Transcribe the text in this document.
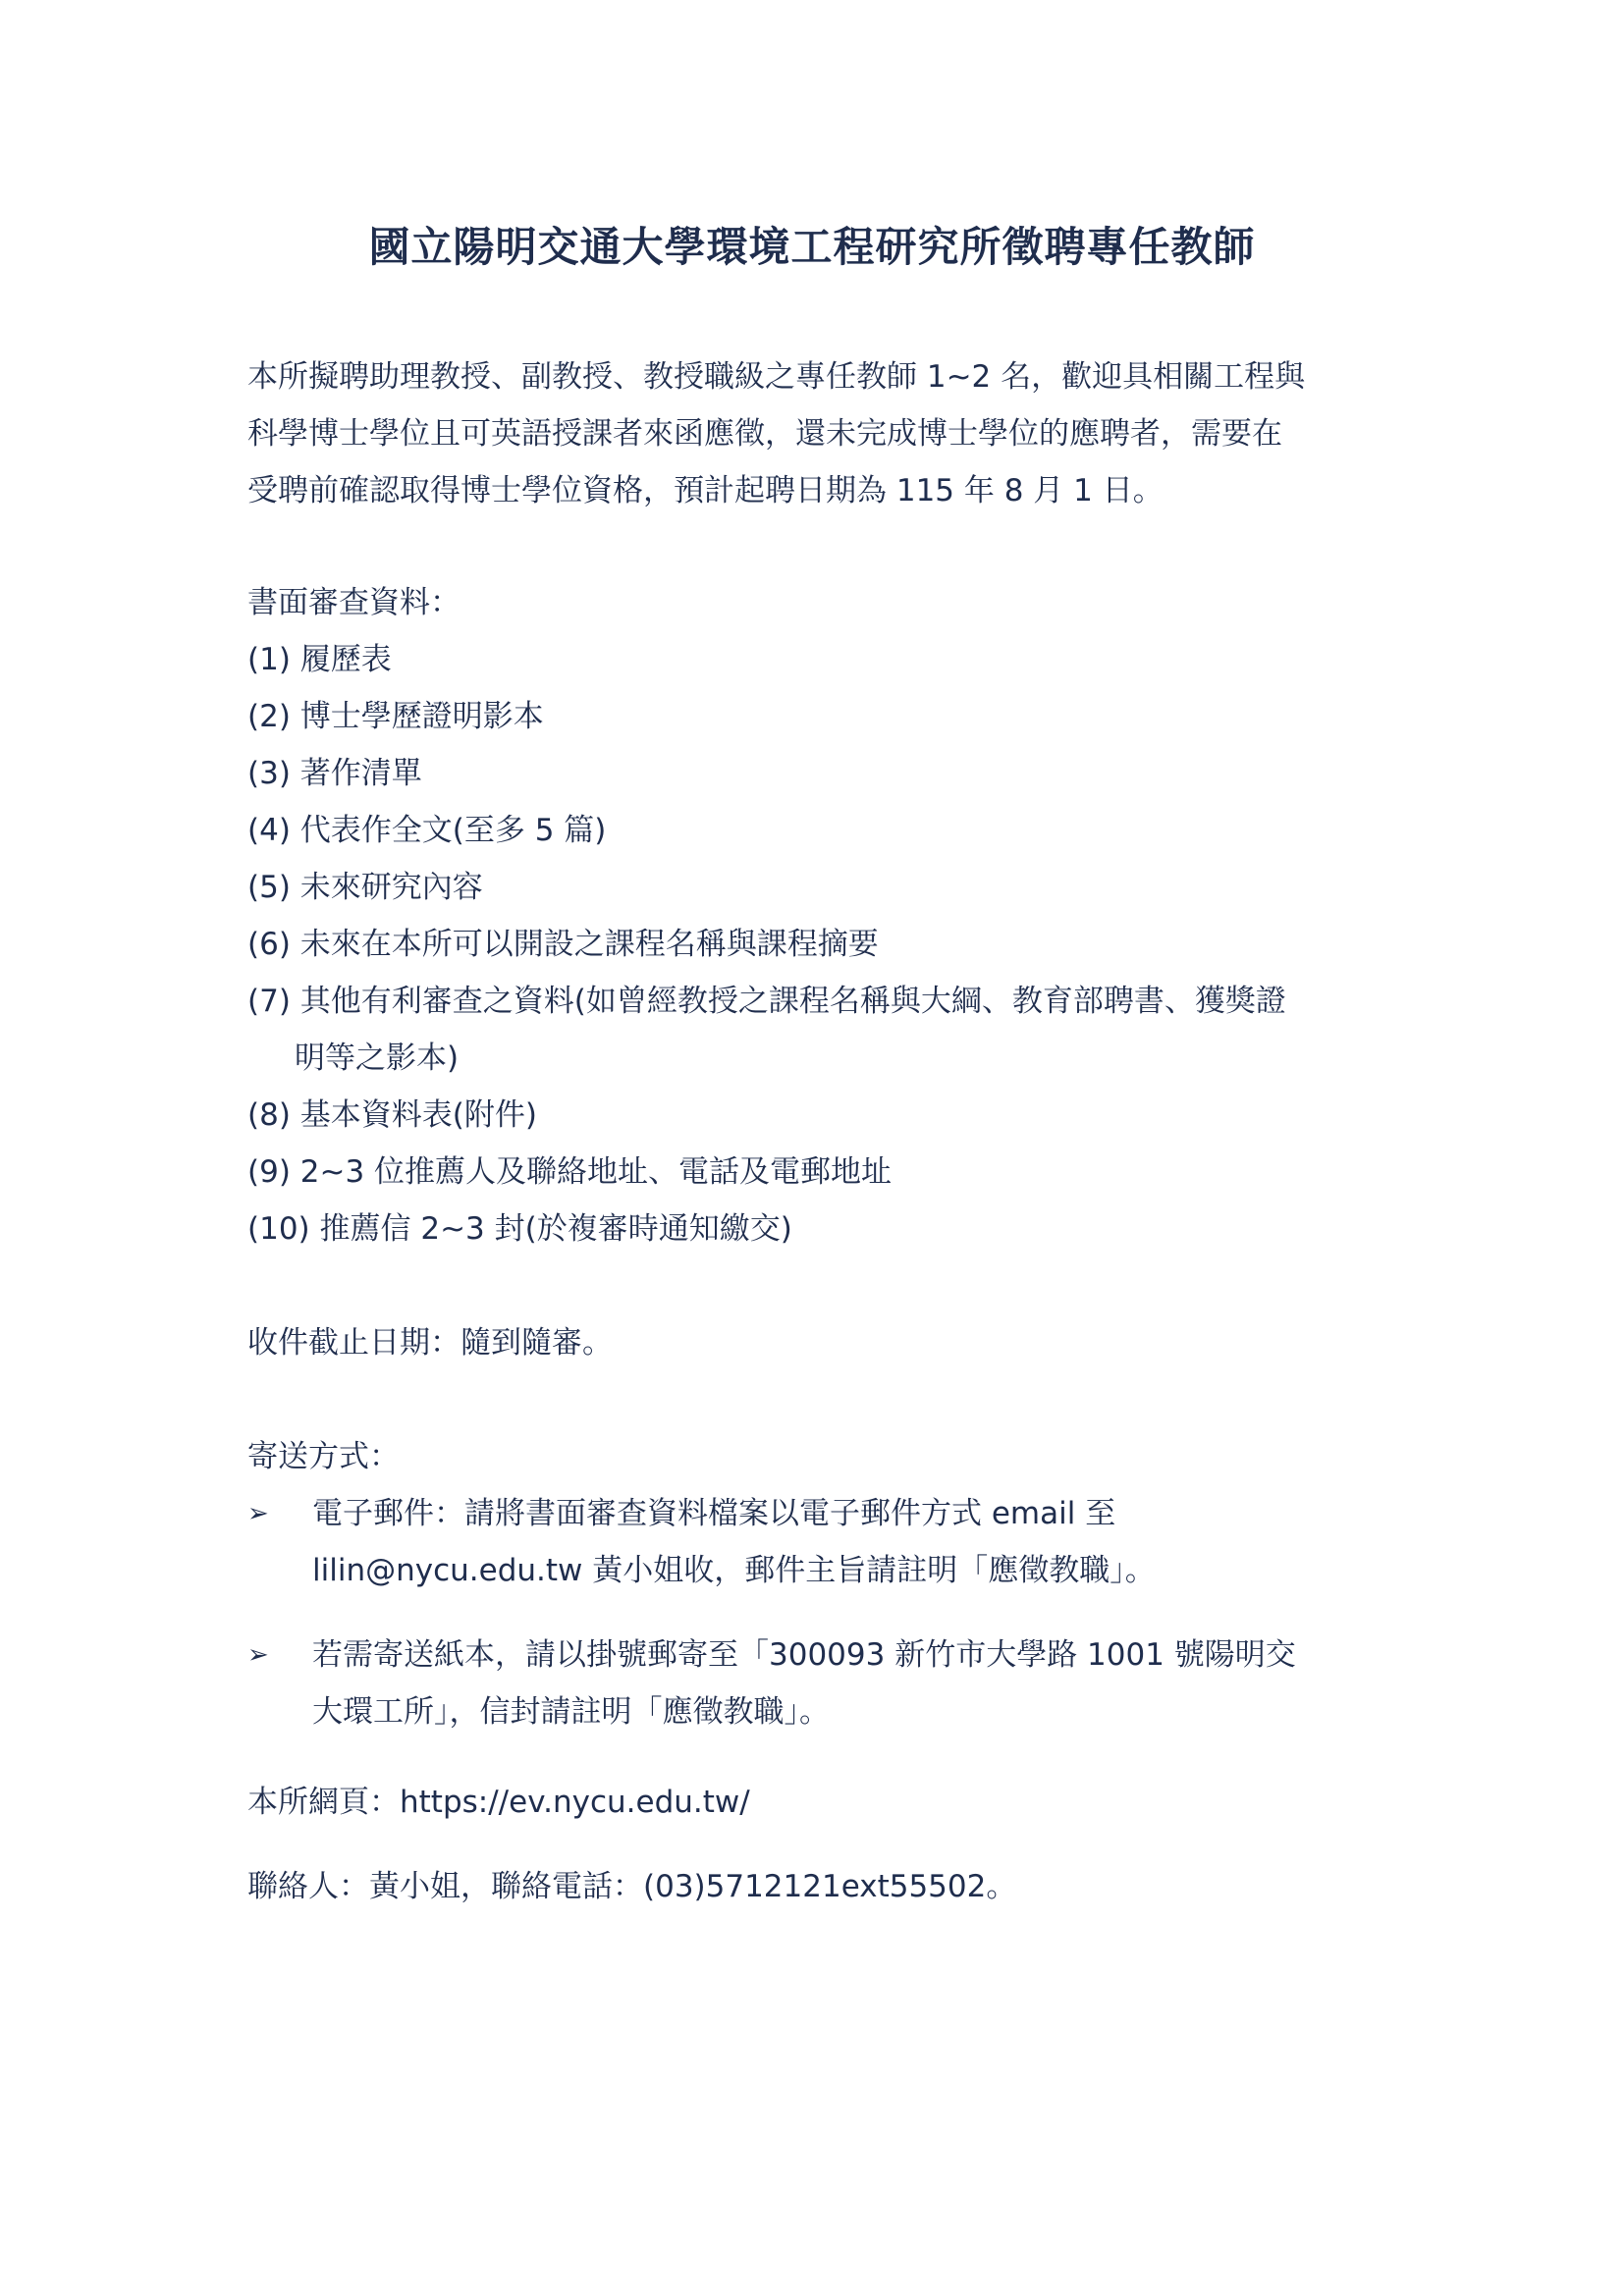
國立陽明交通大學環境工程研究所徵聘專任教師
本所擬聘助理教授、副教授、教授職級之專任教師 1~2 名，歡迎具相關工程與
科學博士學位且可英語授課者來函應徵，還未完成博士學位的應聘者，需要在
受聘前確認取得博士學位資格，預計起聘日期為 115 年 8 月 1 日。
書面審查資料：
(1) 履歷表
(2) 博士學歷證明影本
(3) 著作清單
(4) 代表作全文(至多 5 篇)
(5) 未來研究內容
(6) 未來在本所可以開設之課程名稱與課程摘要
(7) 其他有利審查之資料(如曾經教授之課程名稱與大綱、教育部聘書、獲獎證
明等之影本)
(8) 基本資料表(附件)
(9) 2~3 位推薦人及聯絡地址、電話及電郵地址
(10) 推薦信 2~3 封(於複審時通知繳交)
收件截止日期：隨到隨審。
寄送方式：
➢ 電子郵件：請將書面審查資料檔案以電子郵件方式 email 至
lilin@nycu.edu.tw 黃小姐收，郵件主旨請註明「應徵教職」。
➢ 若需寄送紙本，請以掛號郵寄至「300093 新竹市大學路 1001 號陽明交
大環工所」，信封請註明「應徵教職」。
本所網頁：https://ev.nycu.edu.tw/
聯絡人：黃小姐，聯絡電話：(03)5712121ext55502。
